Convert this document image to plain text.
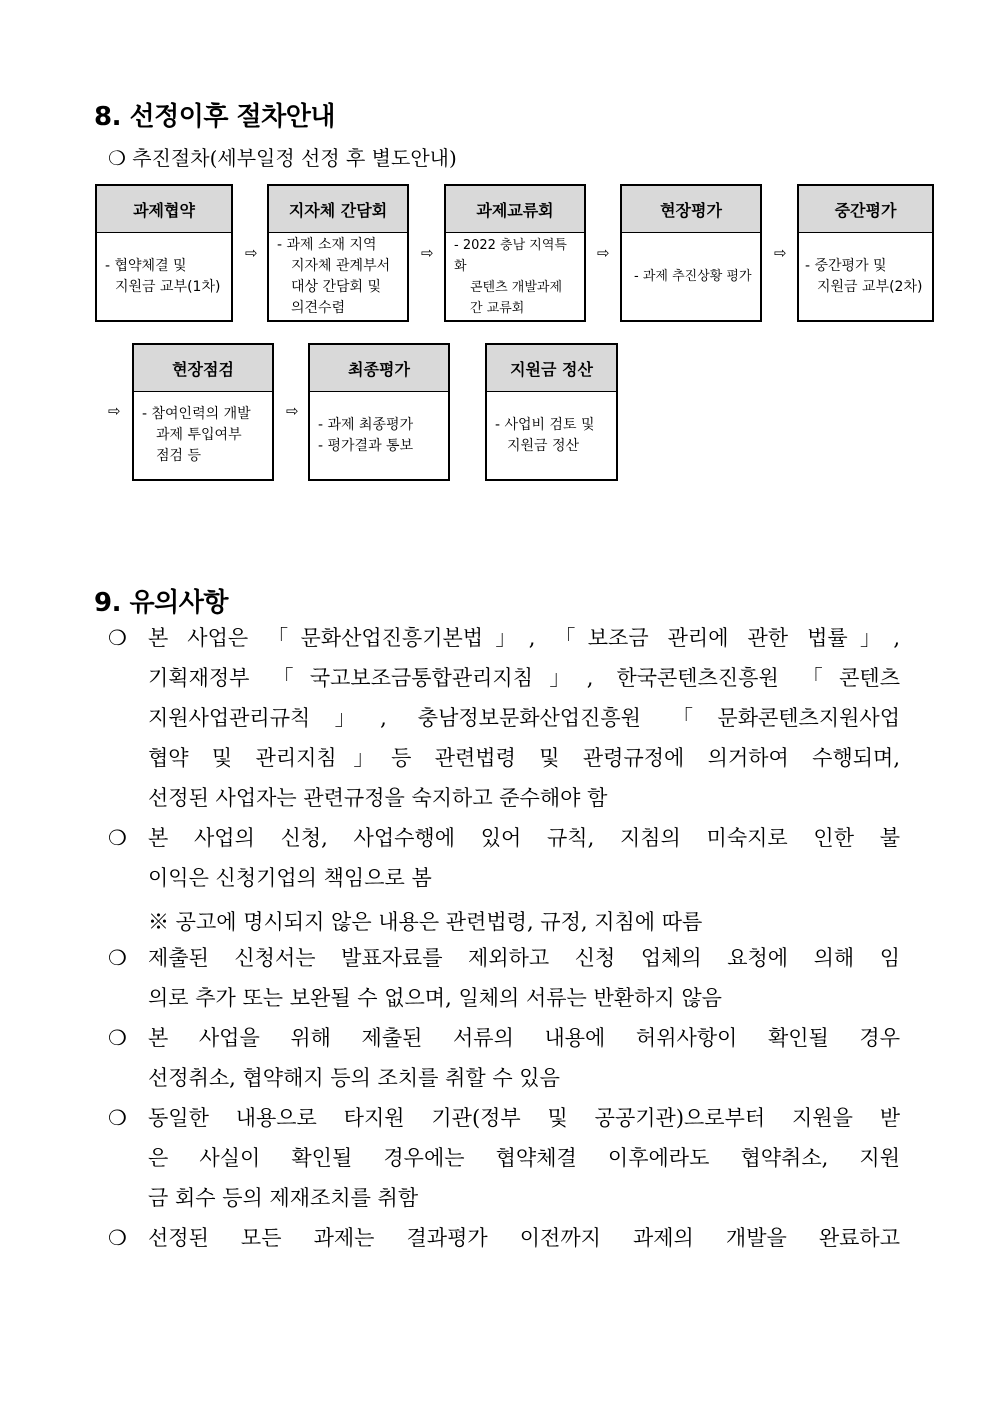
8. 선정이후 절차안내
❍ 추진절차(세부일정 선정 후 별도안내)
과제협약
- 협약체결 및
지원금 교부(1차)
⇨
지자체 간담회
- 과제 소재 지역
지자체 관계부서
대상 간담회 및
의견수렴
⇨
과제교류회
- 2022 충남 지역특화
콘텐츠 개발과제
간 교류회
⇨
현장평가
- 과제 추진상황 평가
⇨
중간평가
- 중간평가 및
지원금 교부(2차)
⇨
현장점검
- 참여인력의 개발
과제 투입여부
점검 등
⇨
최종평가
- 과제 최종평가
- 평가결과 통보
지원금 정산
- 사업비 검토 및
지원금 정산
9. 유의사항
❍ 본 사업은 「문화산업진흥기본법」, 「보조금 관리에 관한 법률」,
기획재정부 「국고보조금통합관리지침」, 한국콘텐츠진흥원 「콘텐츠
지원사업관리규칙」, 충남정보문화산업진흥원 「문화콘텐츠지원사업
협약 및 관리지침」등 관련법령 및 관령규정에 의거하여 수행되며,
선정된 사업자는 관련규정을 숙지하고 준수해야 함
❍ 본 사업의 신청, 사업수행에 있어 규칙, 지침의 미숙지로 인한 불
이익은 신청기업의 책임으로 봄
※ 공고에 명시되지 않은 내용은 관련법령, 규정, 지침에 따름
❍ 제출된 신청서는 발표자료를 제외하고 신청 업체의 요청에 의해 임
의로 추가 또는 보완될 수 없으며, 일체의 서류는 반환하지 않음
❍ 본 사업을 위해 제출된 서류의 내용에 허위사항이 확인될 경우
선정취소, 협약해지 등의 조치를 취할 수 있음
❍ 동일한 내용으로 타지원 기관(정부 및 공공기관)으로부터 지원을 받
은 사실이 확인될 경우에는 협약체결 이후에라도 협약취소, 지원
금 회수 등의 제재조치를 취함
❍ 선정된 모든 과제는 결과평가 이전까지 과제의 개발을 완료하고
